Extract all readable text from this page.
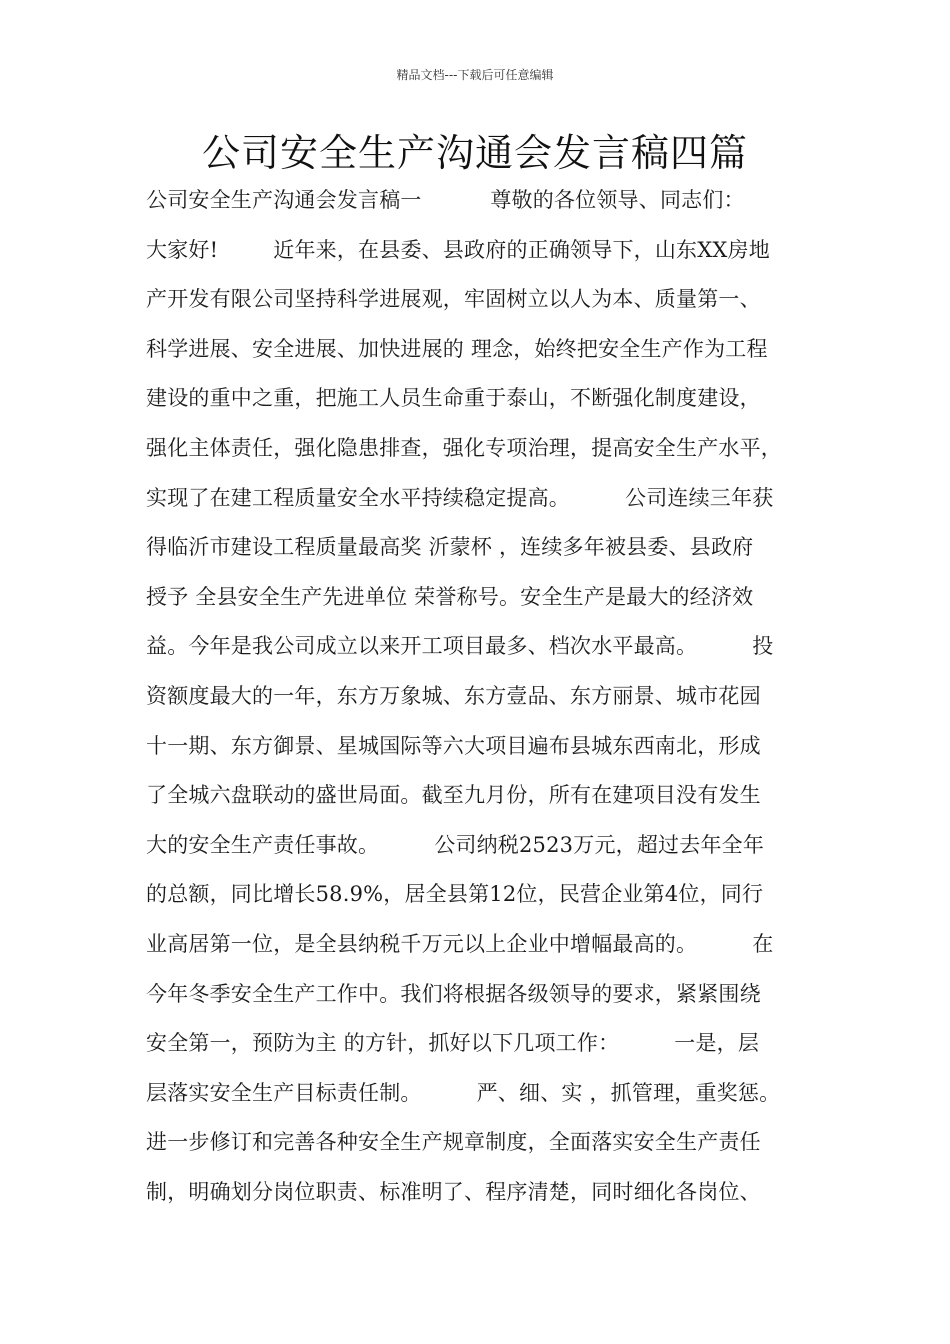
精品文档---下载后可任意编辑
公司安全生产沟通会发言稿四篇
公司安全生产沟通会发言稿一          尊敬的各位领导、同志们：
大家好!        近年来，在县委、县政府的正确领导下，山东XX房地
产开发有限公司坚持科学进展观，牢固树立以人为本、质量第一、
科学进展、安全进展、加快进展的 理念，始终把安全生产作为工程
建设的重中之重，把施工人员生命重于泰山，不断强化制度建设，
强化主体责任，强化隐患排查，强化专项治理，提高安全生产水平，
实现了在建工程质量安全水平持续稳定提高。        公司连续三年获
得临沂市建设工程质量最高奖 沂蒙杯 ，连续多年被县委、县政府
授予 全县安全生产先进单位 荣誉称号。安全生产是最大的经济效
益。今年是我公司成立以来开工项目最多、档次水平最高。        投
资额度最大的一年，东方万象城、东方壹品、东方丽景、城市花园
十一期、东方御景、星城国际等六大项目遍布县城东西南北，形成
了全城六盘联动的盛世局面。截至九月份，所有在建项目没有发生
大的安全生产责任事故。        公司纳税2523万元，超过去年全年
的总额，同比增长58.9%，居全县第12位，民营企业第4位，同行
业高居第一位，是全县纳税千万元以上企业中增幅最高的。        在
今年冬季安全生产工作中。我们将根据各级领导的要求，紧紧围绕
安全第一，预防为主 的方针，抓好以下几项工作：        一是，层
层落实安全生产目标责任制。        严、细、实 ，抓管理，重奖惩。
进一步修订和完善各种安全生产规章制度，全面落实安全生产责任
制，明确划分岗位职责、标准明了、程序清楚，同时细化各岗位、
